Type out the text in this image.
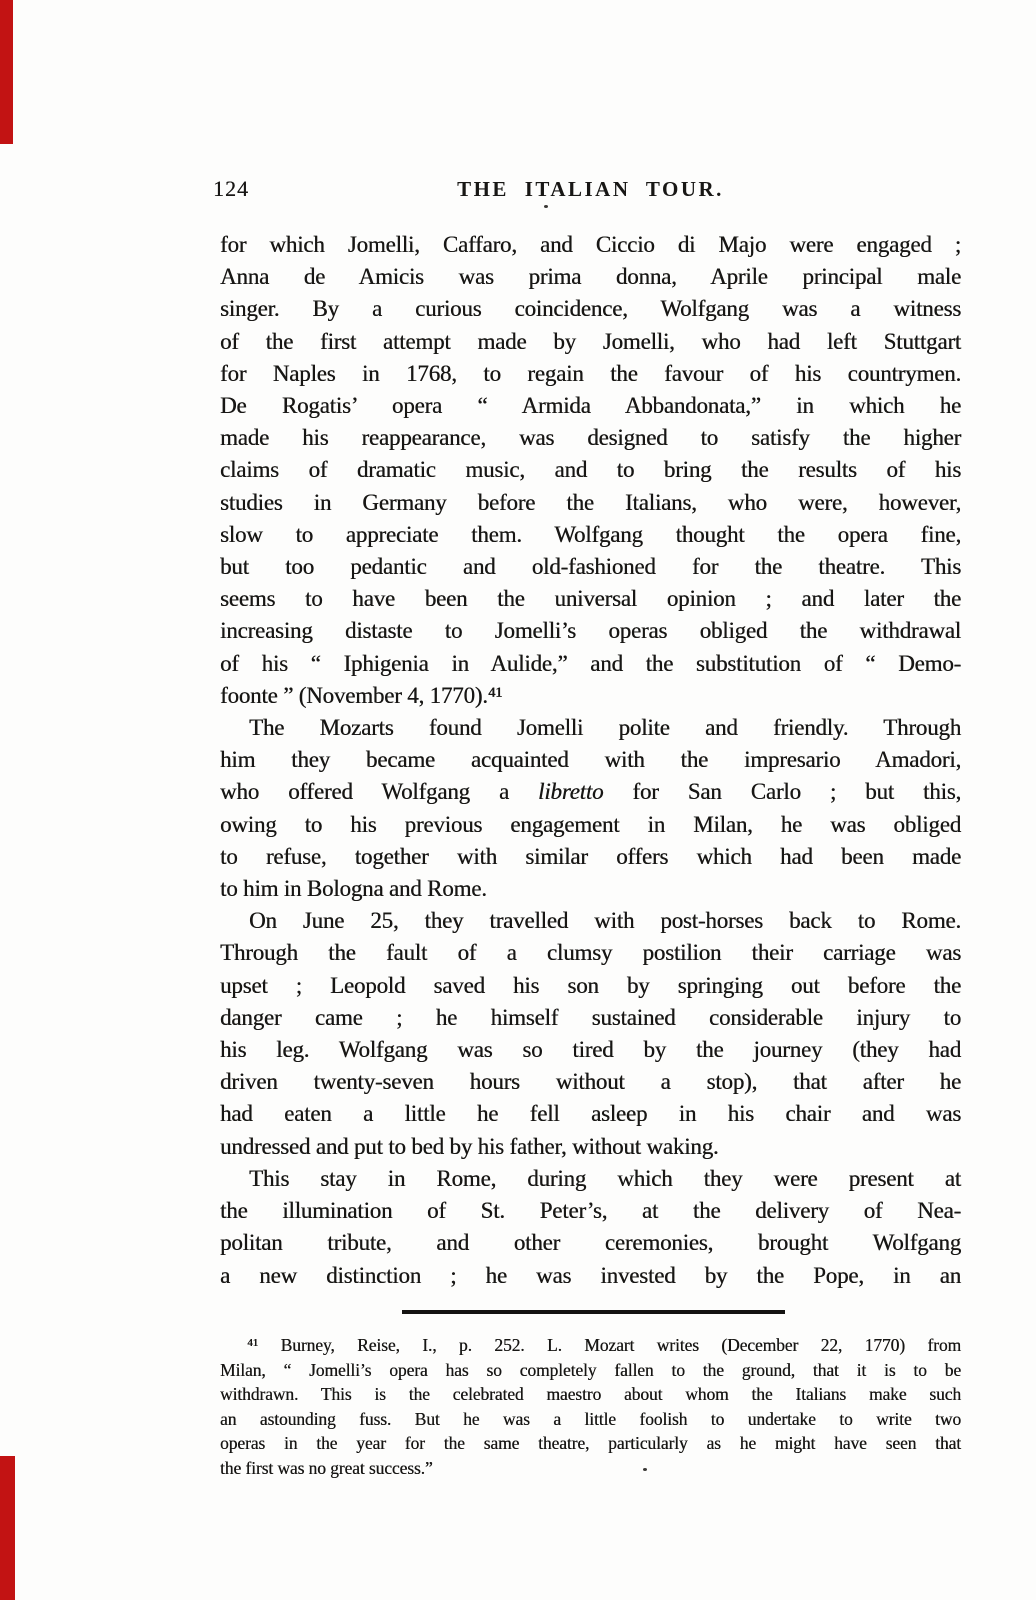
124	THE ITALIAN TOUR.
for which Jomelli, Caffaro, and Ciccio di Majo were engaged ;
Anna de Amicis was prima donna, Aprile principal male
singer. By a curious coincidence, Wolfgang was a witness
of the first attempt made by Jomelli, who had left Stuttgart
for Naples in 1768, to regain the favour of his countrymen.
De Rogatis’ opera “ Armida Abbandonata,” in which he
made his reappearance, was designed to satisfy the higher
claims of dramatic music, and to bring the results of his
studies in Germany before the Italians, who were, however,
slow to appreciate them. Wolfgang thought the opera fine,
but too pedantic and old-fashioned for the theatre. This
seems to have been the universal opinion ; and later the
increasing distaste to Jomelli’s operas obliged the withdrawal
of his “ Iphigenia in Aulide,” and the substitution of “ Demo-
foonte ” (November 4, 1770).⁴¹
The Mozarts found Jomelli polite and friendly. Through
him they became acquainted with the impresario Amadori,
who offered Wolfgang a libretto for San Carlo ; but this,
owing to his previous engagement in Milan, he was obliged
to refuse, together with similar offers which had been made
to him in Bologna and Rome.
On June 25, they travelled with post-horses back to Rome.
Through the fault of a clumsy postilion their carriage was
upset ; Leopold saved his son by springing out before the
danger came ; he himself sustained considerable injury to
his leg. Wolfgang was so tired by the journey (they had
driven twenty-seven hours without a stop), that after he
had eaten a little he fell asleep in his chair and was
undressed and put to bed by his father, without waking.
This stay in Rome, during which they were present at
the illumination of St. Peter’s, at the delivery of Nea-
politan tribute, and other ceremonies, brought Wolfgang
a new distinction ; he was invested by the Pope, in an
⁴¹ Burney, Reise, I., p. 252. L. Mozart writes (December 22, 1770) from
Milan, “ Jomelli’s opera has so completely fallen to the ground, that it is to be
withdrawn. This is the celebrated maestro about whom the Italians make such
an astounding fuss. But he was a little foolish to undertake to write two
operas in the year for the same theatre, particularly as he might have seen that
the first was no great success.”
